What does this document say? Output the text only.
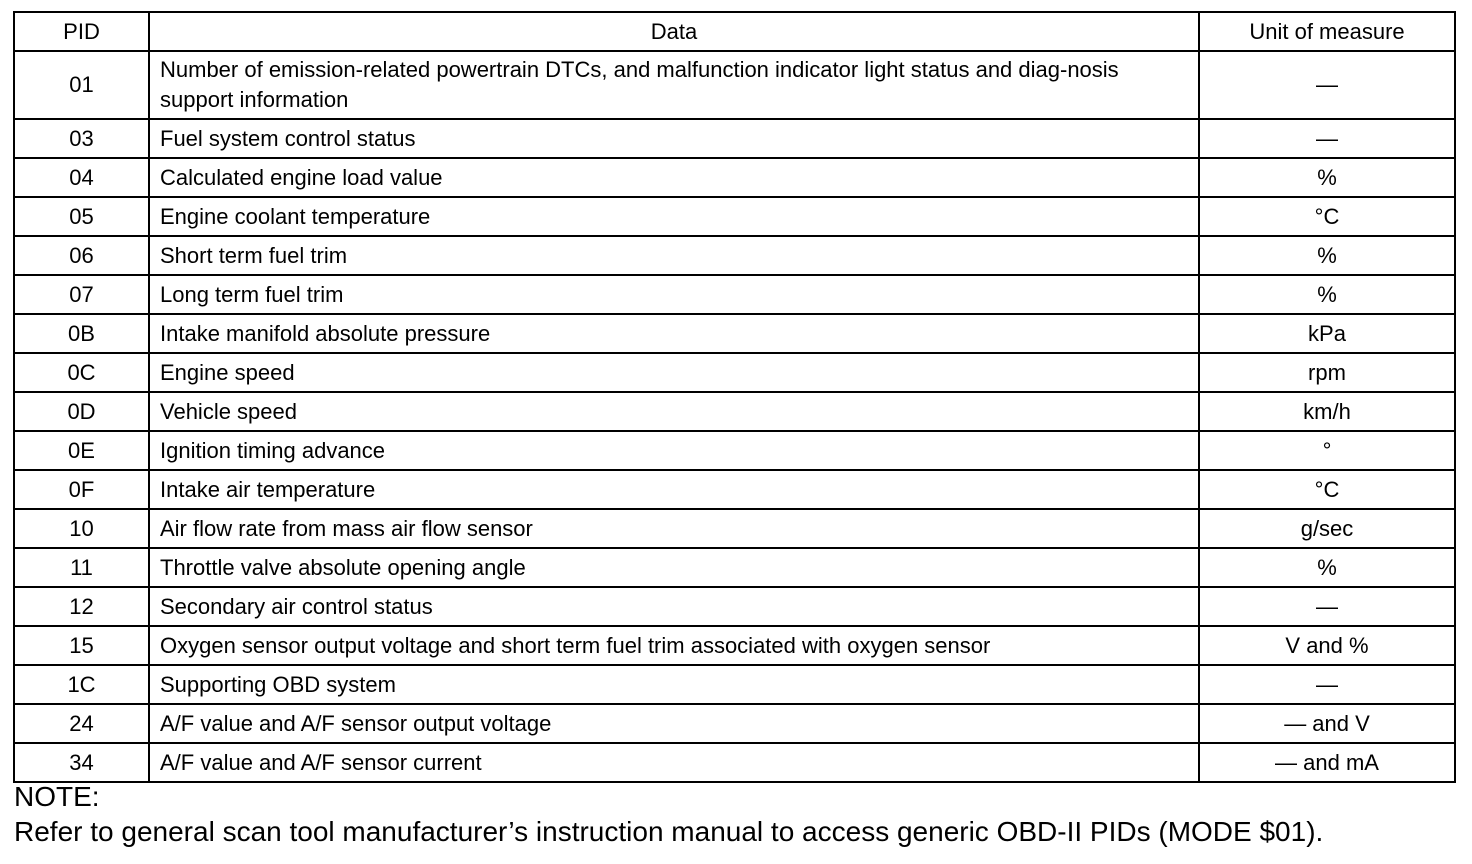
PID	Data	Unit of measure
01	Number of emission-related powertrain DTCs, and malfunction indicator light status and diag-nosis support information	—
03	Fuel system control status	—
04	Calculated engine load value	%
05	Engine coolant temperature	°C
06	Short term fuel trim	%
07	Long term fuel trim	%
0B	Intake manifold absolute pressure	kPa
0C	Engine speed	rpm
0D	Vehicle speed	km/h
0E	Ignition timing advance	°
0F	Intake air temperature	°C
10	Air flow rate from mass air flow sensor	g/sec
11	Throttle valve absolute opening angle	%
12	Secondary air control status	—
15	Oxygen sensor output voltage and short term fuel trim associated with oxygen sensor	V and %
1C	Supporting OBD system	—
24	A/F value and A/F sensor output voltage	— and V
34	A/F value and A/F sensor current	— and mA
NOTE:
Refer to general scan tool manufacturer’s instruction manual to access generic OBD-II PIDs (MODE $01).
